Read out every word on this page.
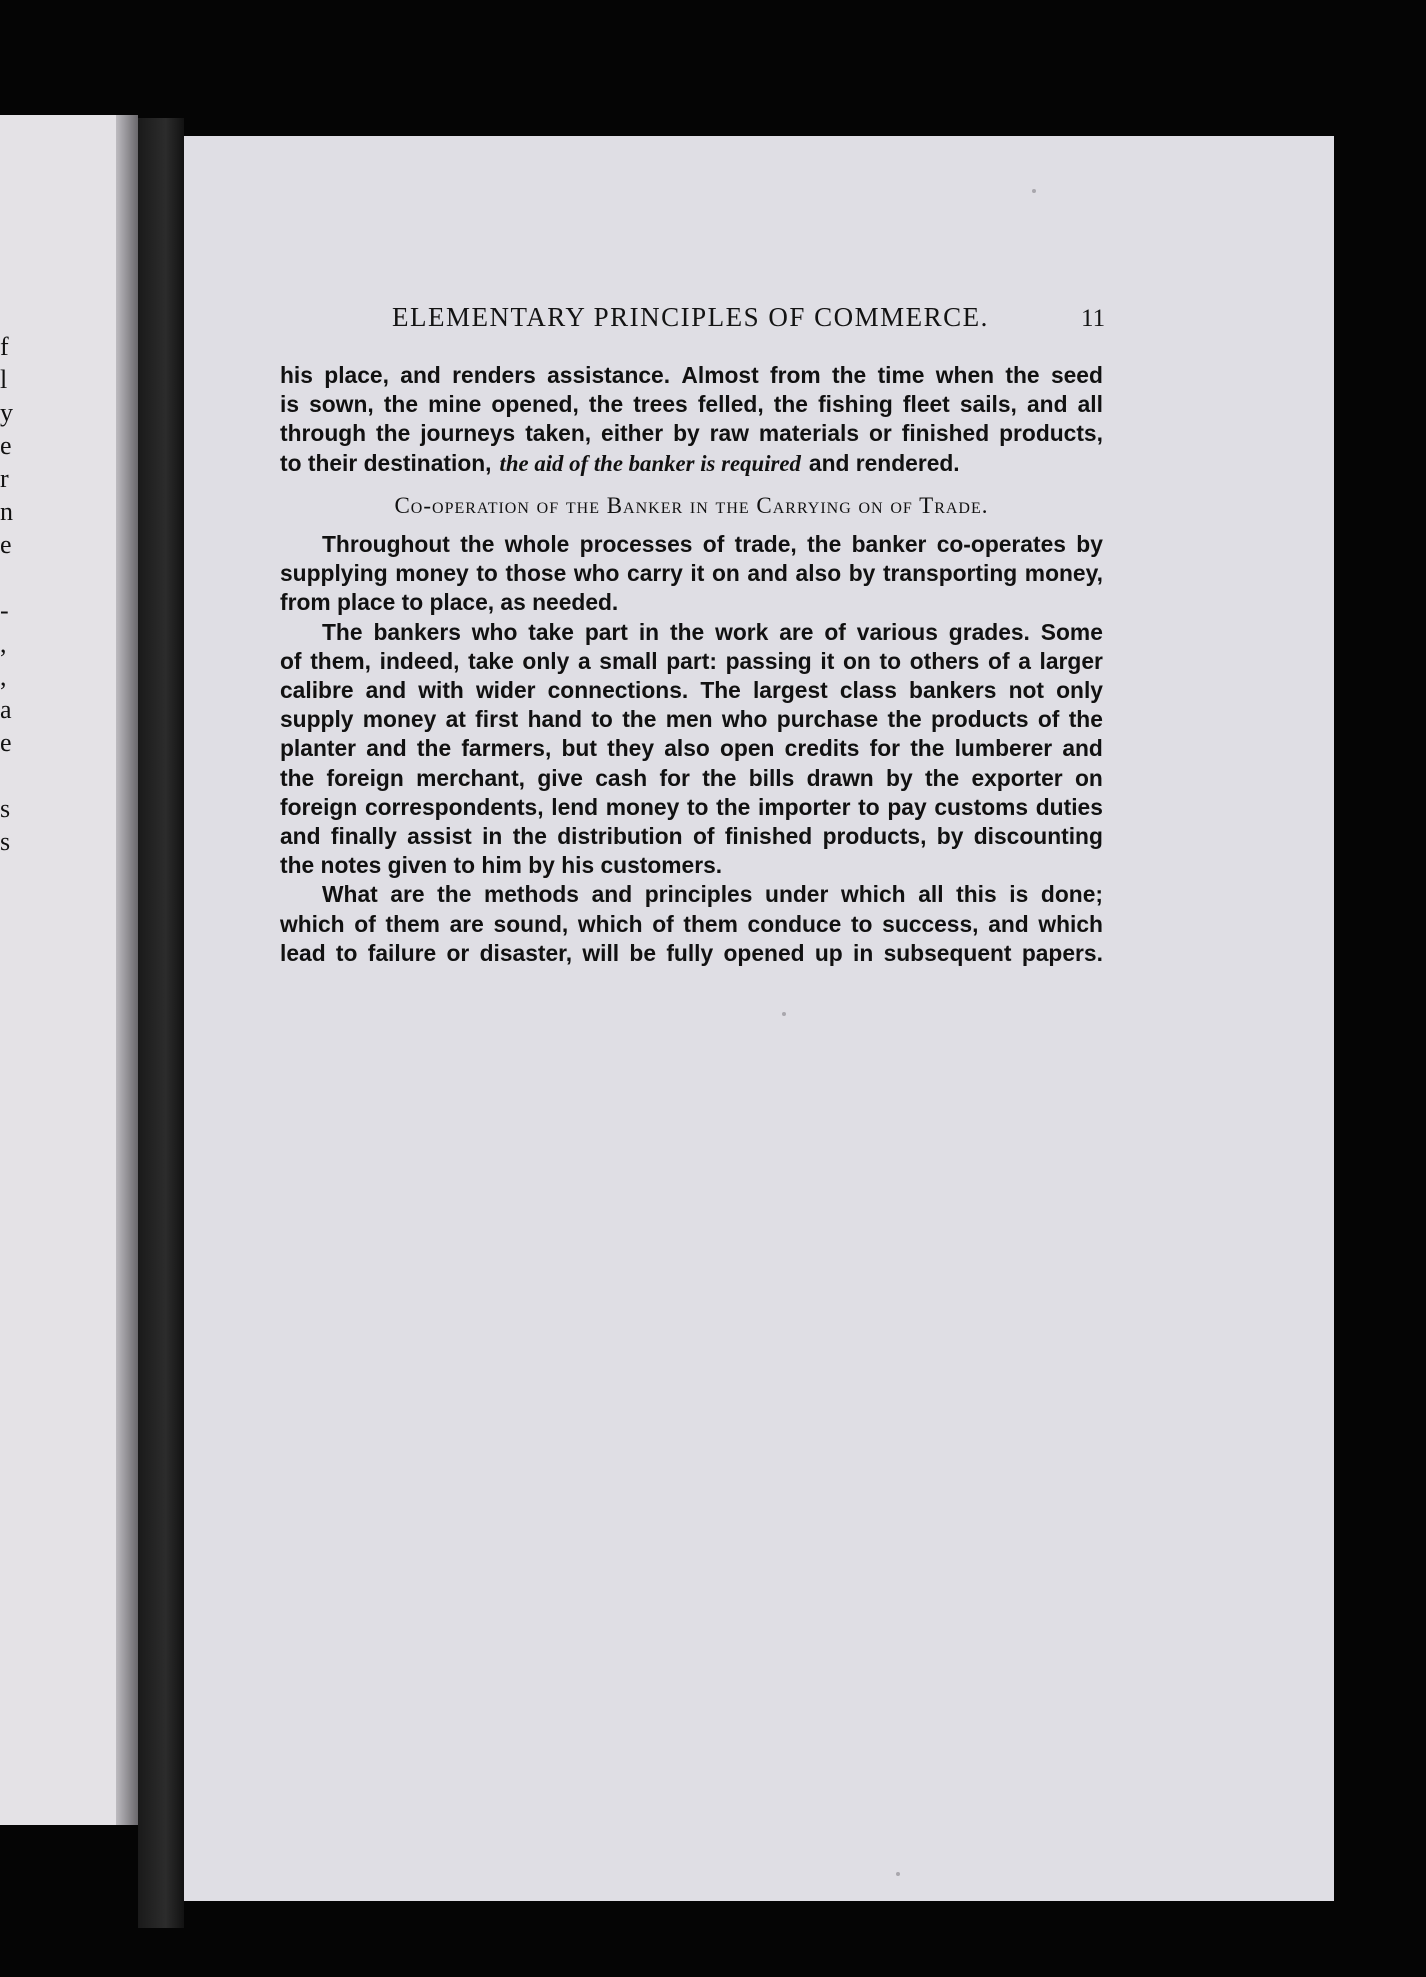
f
l
y
e
r
n
e
-
,
,
a
e
s
s
ELEMENTARY PRINCIPLES OF COMMERCE.	11
his place, and renders assistance. Almost from the time when the seed
is sown, the mine opened, the trees felled, the fishing fleet sails, and all
through the journeys taken, either by raw materials or finished products,
to their destination, the aid of the banker is required and rendered.
Co-operation of the Banker in the Carrying on of Trade.
Throughout the whole processes of trade, the banker co-operates by
supplying money to those who carry it on and also by transporting money,
from place to place, as needed.
The bankers who take part in the work are of various grades. Some
of them, indeed, take only a small part: passing it on to others of a larger
calibre and with wider connections. The largest class bankers not only
supply money at first hand to the men who purchase the products of the
planter and the farmers, but they also open credits for the lumberer and
the foreign merchant, give cash for the bills drawn by the exporter on
foreign correspondents, lend money to the importer to pay customs duties
and finally assist in the distribution of finished products, by discounting
the notes given to him by his customers.
What are the methods and principles under which all this is done;
which of them are sound, which of them conduce to success, and which
lead to failure or disaster, will be fully opened up in subsequent papers.
